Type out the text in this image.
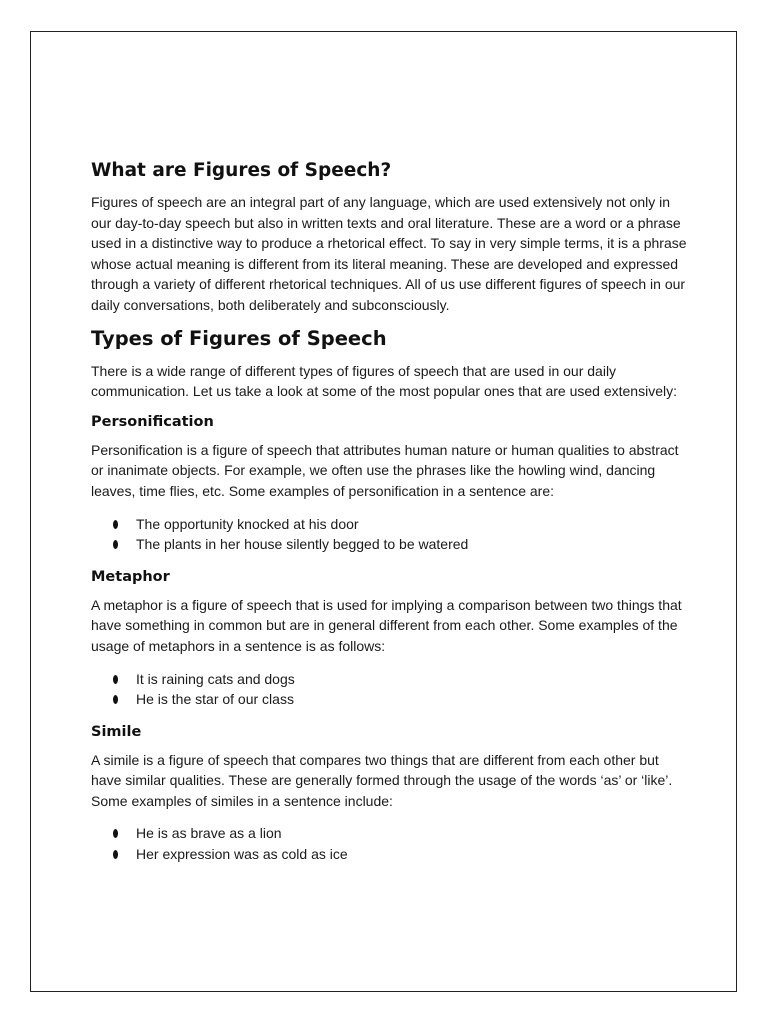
What are Figures of Speech?

Figures of speech are an integral part of any language, which are used extensively not only in our day-to-day speech but also in written texts and oral literature. These are a word or a phrase used in a distinctive way to produce a rhetorical effect. To say in very simple terms, it is a phrase whose actual meaning is different from its literal meaning. These are developed and expressed through a variety of different rhetorical techniques. All of us use different figures of speech in our daily conversations, both deliberately and subconsciously.

Types of Figures of Speech

There is a wide range of different types of figures of speech that are used in our daily communication. Let us take a look at some of the most popular ones that are used extensively:

Personification

Personification is a figure of speech that attributes human nature or human qualities to abstract or inanimate objects. For example, we often use the phrases like the howling wind, dancing leaves, time flies, etc. Some examples of personification in a sentence are:

The opportunity knocked at his door
The plants in her house silently begged to be watered
Metaphor

A metaphor is a figure of speech that is used for implying a comparison between two things that have something in common but are in general different from each other. Some examples of the usage of metaphors in a sentence is as follows:

It is raining cats and dogs
He is the star of our class
Simile

A simile is a figure of speech that compares two things that are different from each other but have similar qualities. These are generally formed through the usage of the words ‘as’ or ‘like’. Some examples of similes in a sentence include:

He is as brave as a lion
Her expression was as cold as ice
